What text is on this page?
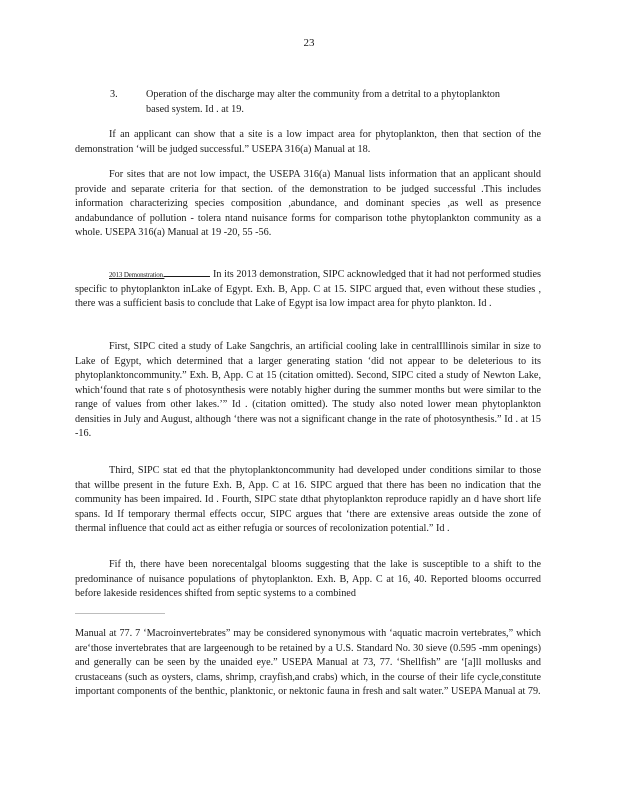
23

3.	Operation of the discharge may alter the community from a detrital to a phytoplankton based system. Id . at 19.

If an applicant can show that a site is a low impact area for phytoplankton, then that section of the demonstration ‘will be judged successful.” USEPA 316(a) Manual at 18.

For sites that are not low impact, the USEPA 316(a) Manual lists information that an applicant should provide and separate criteria for that section. of the demonstration to be judged successful .This includes information characterizing species composition ,abundance, and dominant species ,as well as presence andabundance of pollution - tolera ntand nuisance forms for comparison tothe phytoplankton community as a whole. USEPA 316(a) Manual at 19 -20, 55 -56.

2013 Demonstration.	In its 2013 demonstration, SIPC acknowledged that it had not performed studies specific to phytoplankton inLake of Egypt. Exh. B, App. C at 15. SIPC argued that, even without these studies , there was a sufficient basis to conclude that Lake of Egypt isa low impact area for phyto plankton. Id .

First, SIPC cited a study of Lake Sangchris, an artificial cooling lake in centralIllinois similar in size to Lake of Egypt, which determined that a larger generating station ‘did not appear to be deleterious to its phytoplanktoncommunity.” Exh. B, App. C at 15 (citation omitted). Second, SIPC cited a study of Newton Lake, which‘found that rate s of photosynthesis were notably higher during the summer months but were similar to the range of values from other lakes.’” Id . (citation omitted). The study also noted lower mean phytoplankton densities in July and August, although ‘there was not a significant change in the rate of photosynthesis.” Id . at 15 -16.

Third, SIPC stat ed that the phytoplanktoncommunity had developed under conditions similar to those that willbe present in the future Exh. B, App. C at 16. SIPC argued that there has been no indication that the community has been impaired. Id . Fourth, SIPC state dthat phytoplankton reproduce rapidly an d have short life spans. Id If temporary thermal effects occur, SIPC argues that ‘there are extensive areas outside the zone of thermal influence that could act as either refugia or sources of recolonization potential.” Id .

Fif th, there have been norecentalgal blooms suggesting that the lake is susceptible to a shift to the predominance of nuisance populations of phytoplankton. Exh. B, App. C at 16, 40. Reported blooms occurred before lakeside residences shifted from septic systems to a combined

Manual at 77. 7 ‘Macroinvertebrates” may be considered synonymous with ‘aquatic macroin vertebrates,” which are‘those invertebrates that are largeenough to be retained by a U.S. Standard No. 30 sieve (0.595 -mm openings) and generally can be seen by the unaided eye.” USEPA Manual at 73, 77. ‘Shellfish” are ‘[a]ll mollusks and crustaceans (such as oysters, clams, shrimp, crayfish,and crabs) which, in the course of their life cycle,constitute important components of the benthic, planktonic, or nektonic fauna in fresh and salt water.” USEPA Manual at 79.
